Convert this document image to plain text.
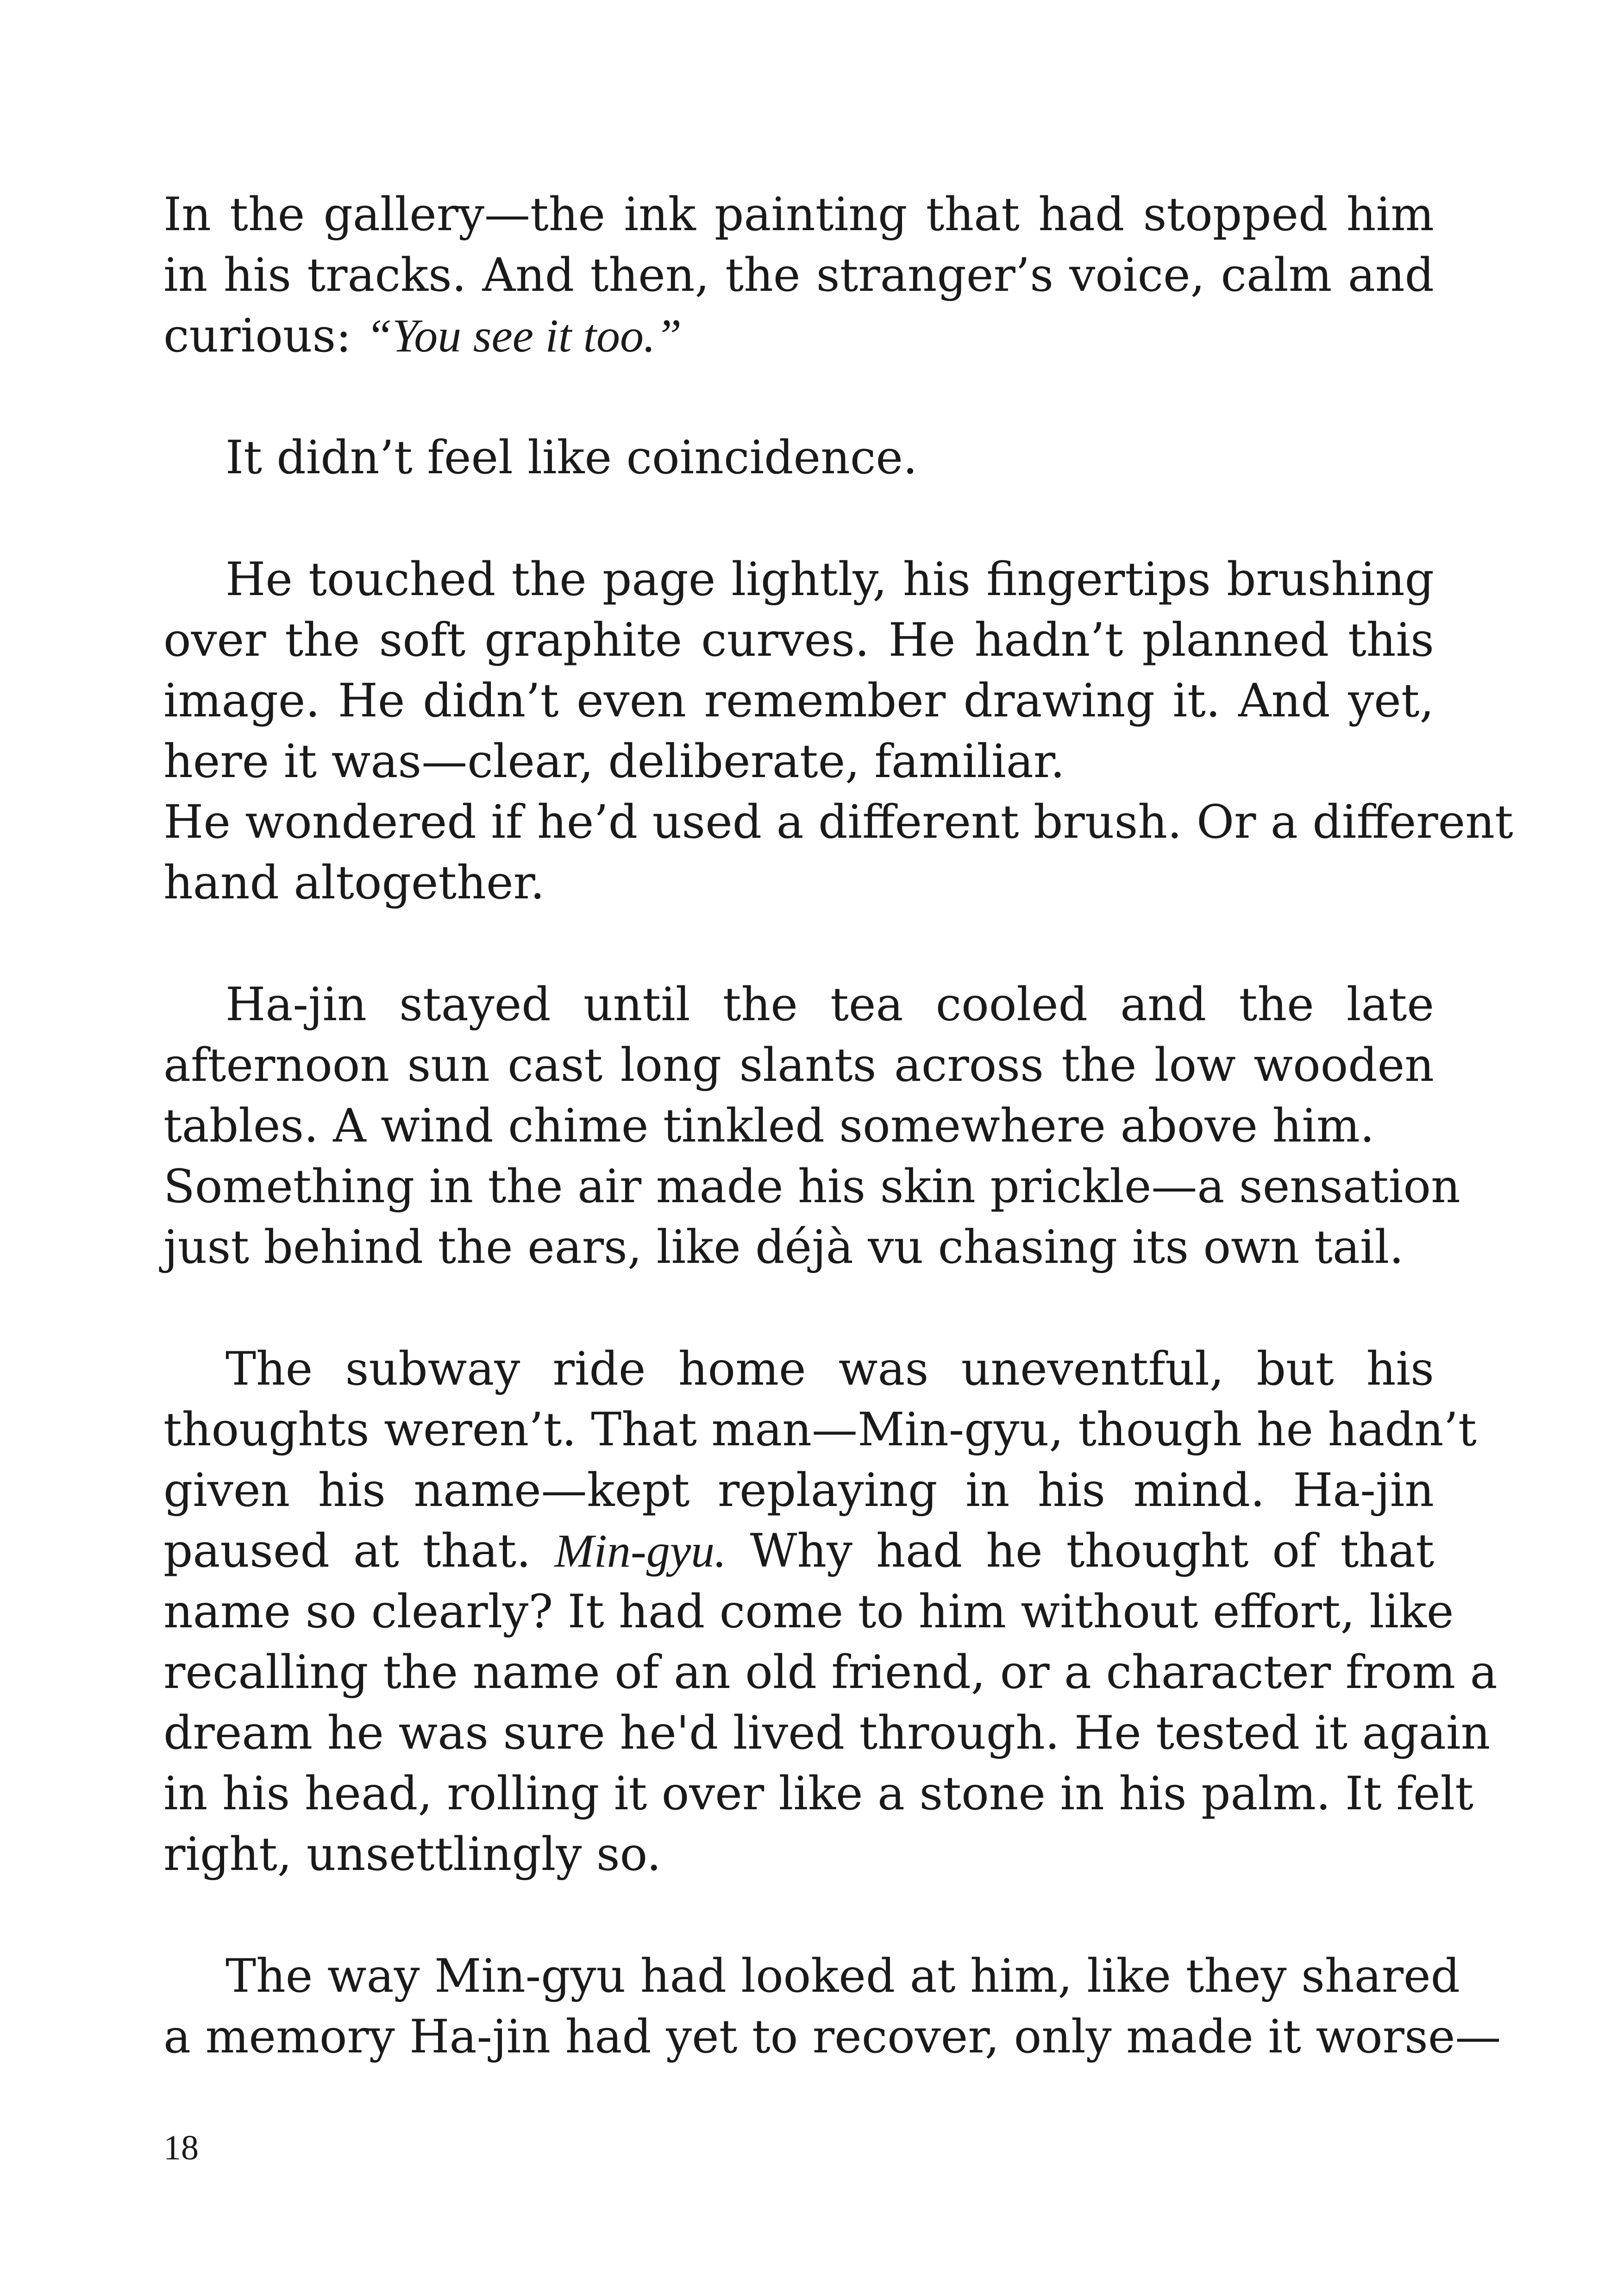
In the gallery—the ink painting that had stopped him
in his tracks. And then, the stranger’s voice, calm and
curious: “You see it too.”
It didn’t feel like coincidence.
He touched the page lightly, his fingertips brushing
over the soft graphite curves. He hadn’t planned this
image. He didn’t even remember drawing it. And yet,
here it was—clear, deliberate, familiar.
He wondered if he’d used a different brush. Or a different
hand altogether.
Ha-jin stayed until the tea cooled and the late
afternoon sun cast long slants across the low wooden
tables. A wind chime tinkled somewhere above him.
Something in the air made his skin prickle—a sensation
just behind the ears, like déjà vu chasing its own tail.
The subway ride home was uneventful, but his
thoughts weren’t. That man—Min-gyu, though he hadn’t
given his name—kept replaying in his mind. Ha-jin
paused at that. Min-gyu. Why had he thought of that
name so clearly? It had come to him without effort, like
recalling the name of an old friend, or a character from a
dream he was sure he'd lived through. He tested it again
in his head, rolling it over like a stone in his palm. It felt
right, unsettlingly so.
The way Min-gyu had looked at him, like they shared
a memory Ha-jin had yet to recover, only made it worse—
18
